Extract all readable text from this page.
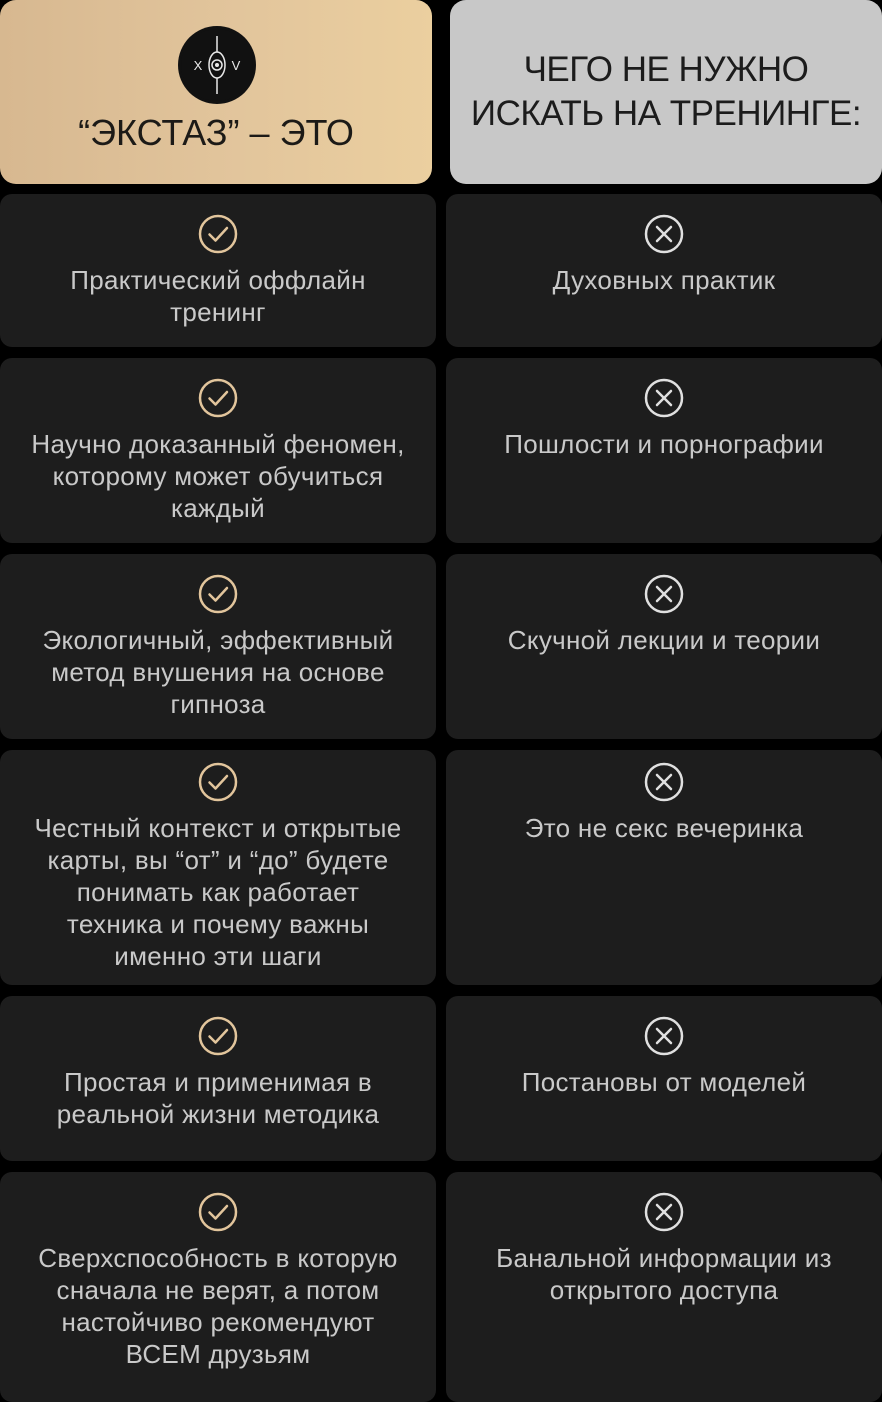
X V
“ЭКСТАЗ” – ЭТО
ЧЕГО НЕ НУЖНО
ИСКАТЬ НА ТРЕНИНГЕ:
Практический оффлайн
тренинг
Духовных практик
Научно доказанный феномен,
которому может обучиться
каждый
Пошлости и порнографии
Экологичный, эффективный
метод внушения на основе
гипноза
Скучной лекции и теории
Честный контекст и открытые
карты, вы “от” и “до” будете
понимать как работает
техника и почему важны
именно эти шаги
Это не секс вечеринка
Простая и применимая в
реальной жизни методика
Постановы от моделей
Сверхспособность в которую
сначала не верят, а потом
настойчиво рекомендуют
ВСЕМ друзьям
Банальной информации из
открытого доступа
